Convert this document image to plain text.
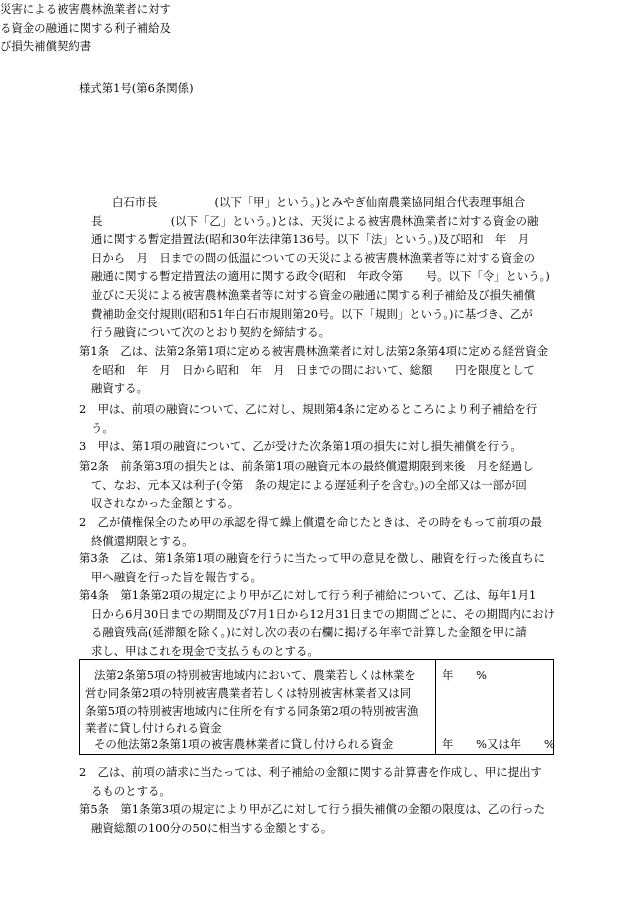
様式第1号(第6条関係)
災害による被害農林漁業者に対す
る資金の融通に関する利子補給及
び損失補償契約書
白石市長　　　　　(以下「甲」という。)とみやぎ仙南農業協同組合代表理事組合
長　　　　　　(以下「乙」という。)とは、天災による被害農林漁業者に対する資金の融
通に関する暫定措置法(昭和30年法律第136号。以下「法」という。)及び昭和　年　月
日から　月　日までの間の低温についての天災による被害農林漁業者等に対する資金の
融通に関する暫定措置法の適用に関する政令(昭和　年政令第　　号。以下「令」という。)
並びに天災による被害農林漁業者等に対する資金の融通に関する利子補給及び損失補償
費補助金交付規則(昭和51年白石市規則第20号。以下「規則」という。)に基づき、乙が
行う融資について次のとおり契約を締結する。
第1条　乙は、法第2条第1項に定める被害農林漁業者に対し法第2条第4項に定める経営資金
を昭和　年　月　日から昭和　年　月　日までの間において、総額　　円を限度として
融資する。
2　甲は、前項の融資について、乙に対し、規則第4条に定めるところにより利子補給を行
う。
3　甲は、第1項の融資について、乙が受けた次条第1項の損失に対し損失補償を行う。
第2条　前条第3項の損失とは、前条第1項の融資元本の最終償還期限到来後　月を経過し
て、なお、元本又は利子(令第　条の規定による遅延利子を含む。)の全部又は一部が回
収されなかった金額とする。
2　乙が債権保全のため甲の承認を得て繰上償還を命じたときは、その時をもって前項の最
終償還期限とする。
第3条　乙は、第1条第1項の融資を行うに当たって甲の意見を徴し、融資を行った後直ちに
甲へ融資を行った旨を報告する。
第4条　第1条第2項の規定により甲が乙に対して行う利子補給について、乙は、毎年1月1
日から6月30日までの期間及び7月1日から12月31日までの期間ごとに、その期間内におけ
る融資残高(延滞額を除く。)に対し次の表の右欄に掲げる年率で計算した金額を甲に請
求し、甲はこれを現金で支払うものとする。
法第2条第5項の特別被害地域内において、農業若しくは林業を
営む同条第2項の特別被害農業者若しくは特別被害林業者又は同
条第5項の特別被害地域内に住所を有する同条第2項の特別被害漁
業者に貸し付けられる資金
年　　%
その他法第2条第1項の被害農林業者に貸し付けられる資金	年　　%又は年　　%
2　乙は、前項の請求に当たっては、利子補給の金額に関する計算書を作成し、甲に提出す
るものとする。
第5条　第1条第3項の規定により甲が乙に対して行う損失補償の金額の限度は、乙の行った
融資総額の100分の50に相当する金額とする。
